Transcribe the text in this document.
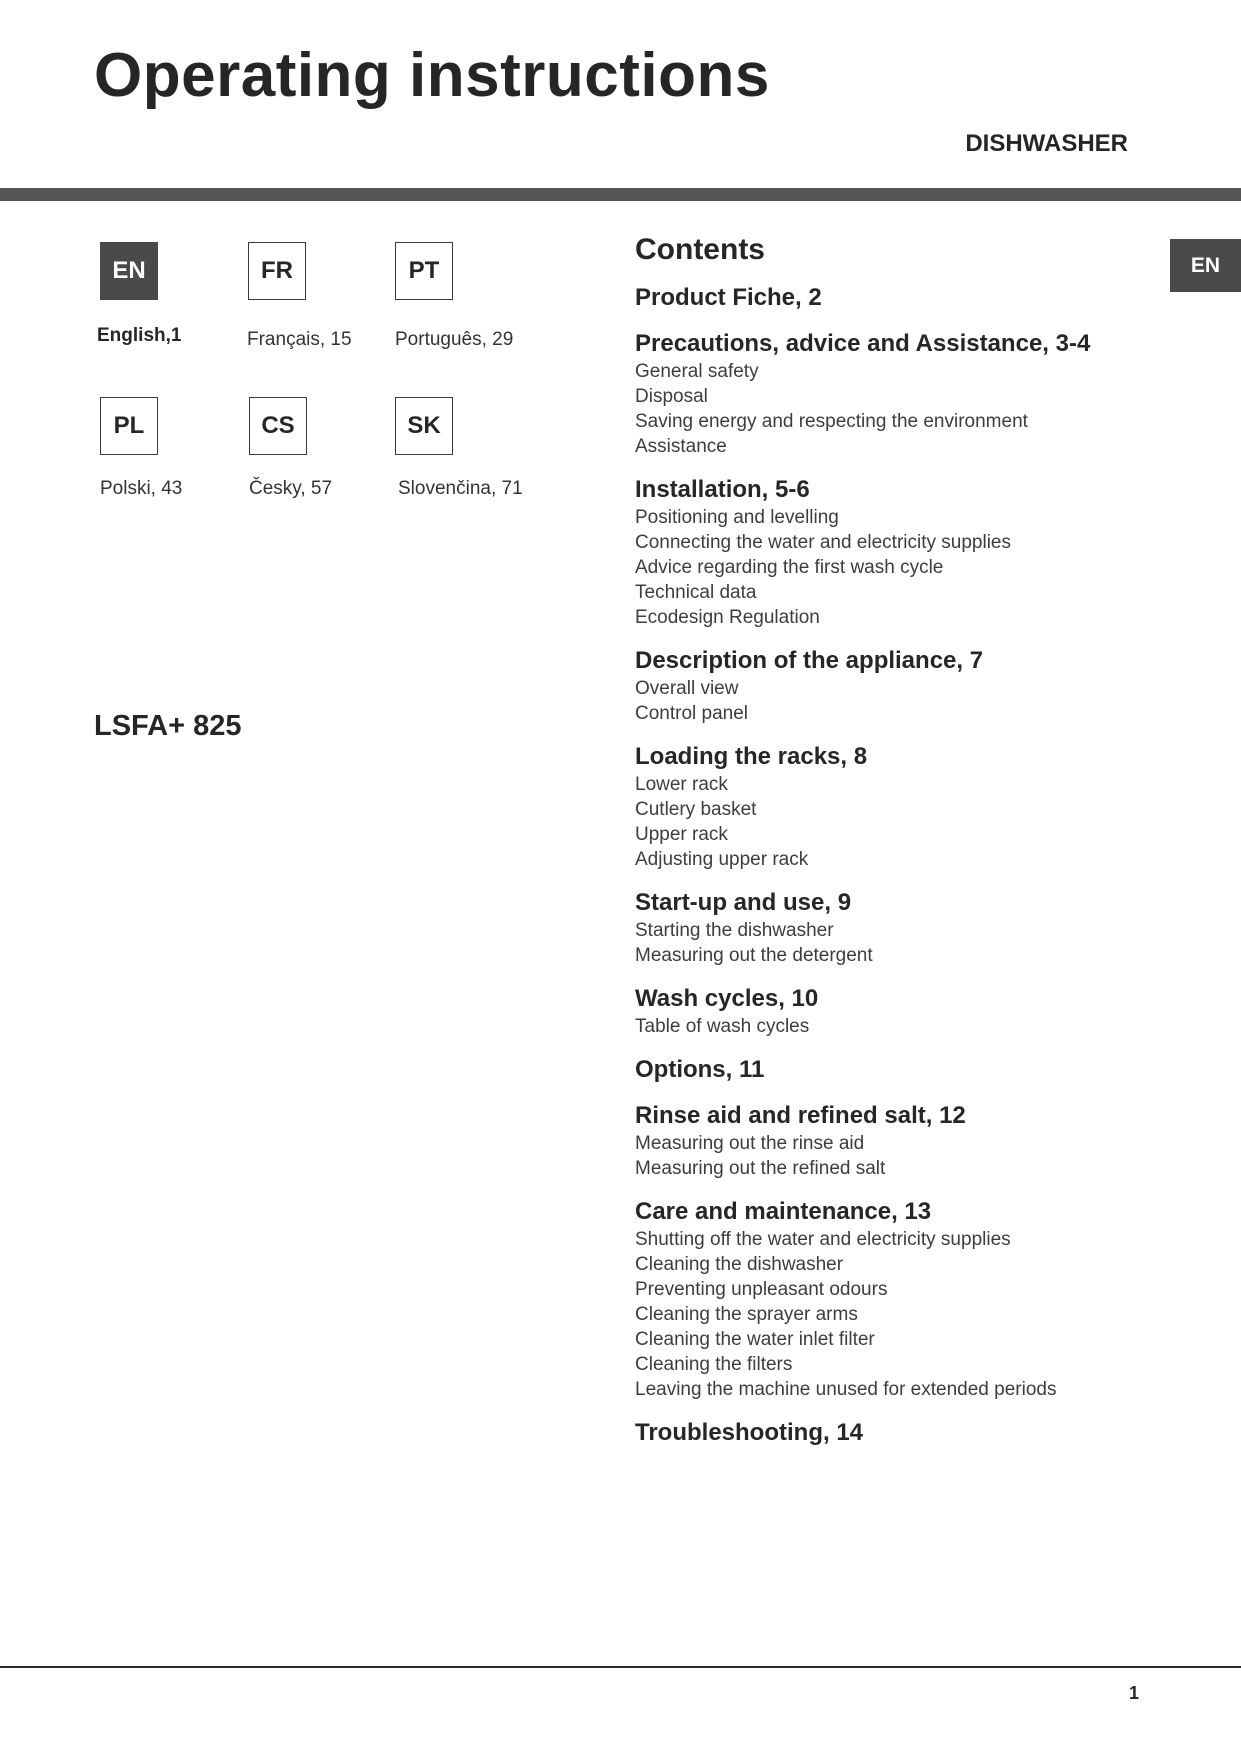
Operating instructions
DISHWASHER
EN
EN
English,1
FR
Français, 15
PT
Português, 29
PL
Polski, 43
CS
Česky, 57
SK
Slovenčina, 71
LSFA+ 825
Contents
Product Fiche, 2
Precautions, advice and Assistance, 3-4
General safety
Disposal
Saving energy and respecting the environment
Assistance
Installation, 5-6
Positioning and levelling
Connecting the water and electricity supplies
Advice regarding the first wash cycle
Technical data
Ecodesign Regulation
Description of the appliance, 7
Overall view
Control panel
Loading the racks, 8
Lower rack
Cutlery basket
Upper rack
Adjusting upper rack
Start-up and use, 9
Starting the dishwasher
Measuring out the detergent
Wash cycles, 10
Table of wash cycles
Options, 11
Rinse aid and refined salt, 12
Measuring out the rinse aid
Measuring out the refined salt
Care and maintenance, 13
Shutting off the water and electricity supplies
Cleaning the dishwasher
Preventing unpleasant odours
Cleaning the sprayer arms
Cleaning the water inlet filter
Cleaning the filters
Leaving the machine unused for extended periods
Troubleshooting, 14
1
